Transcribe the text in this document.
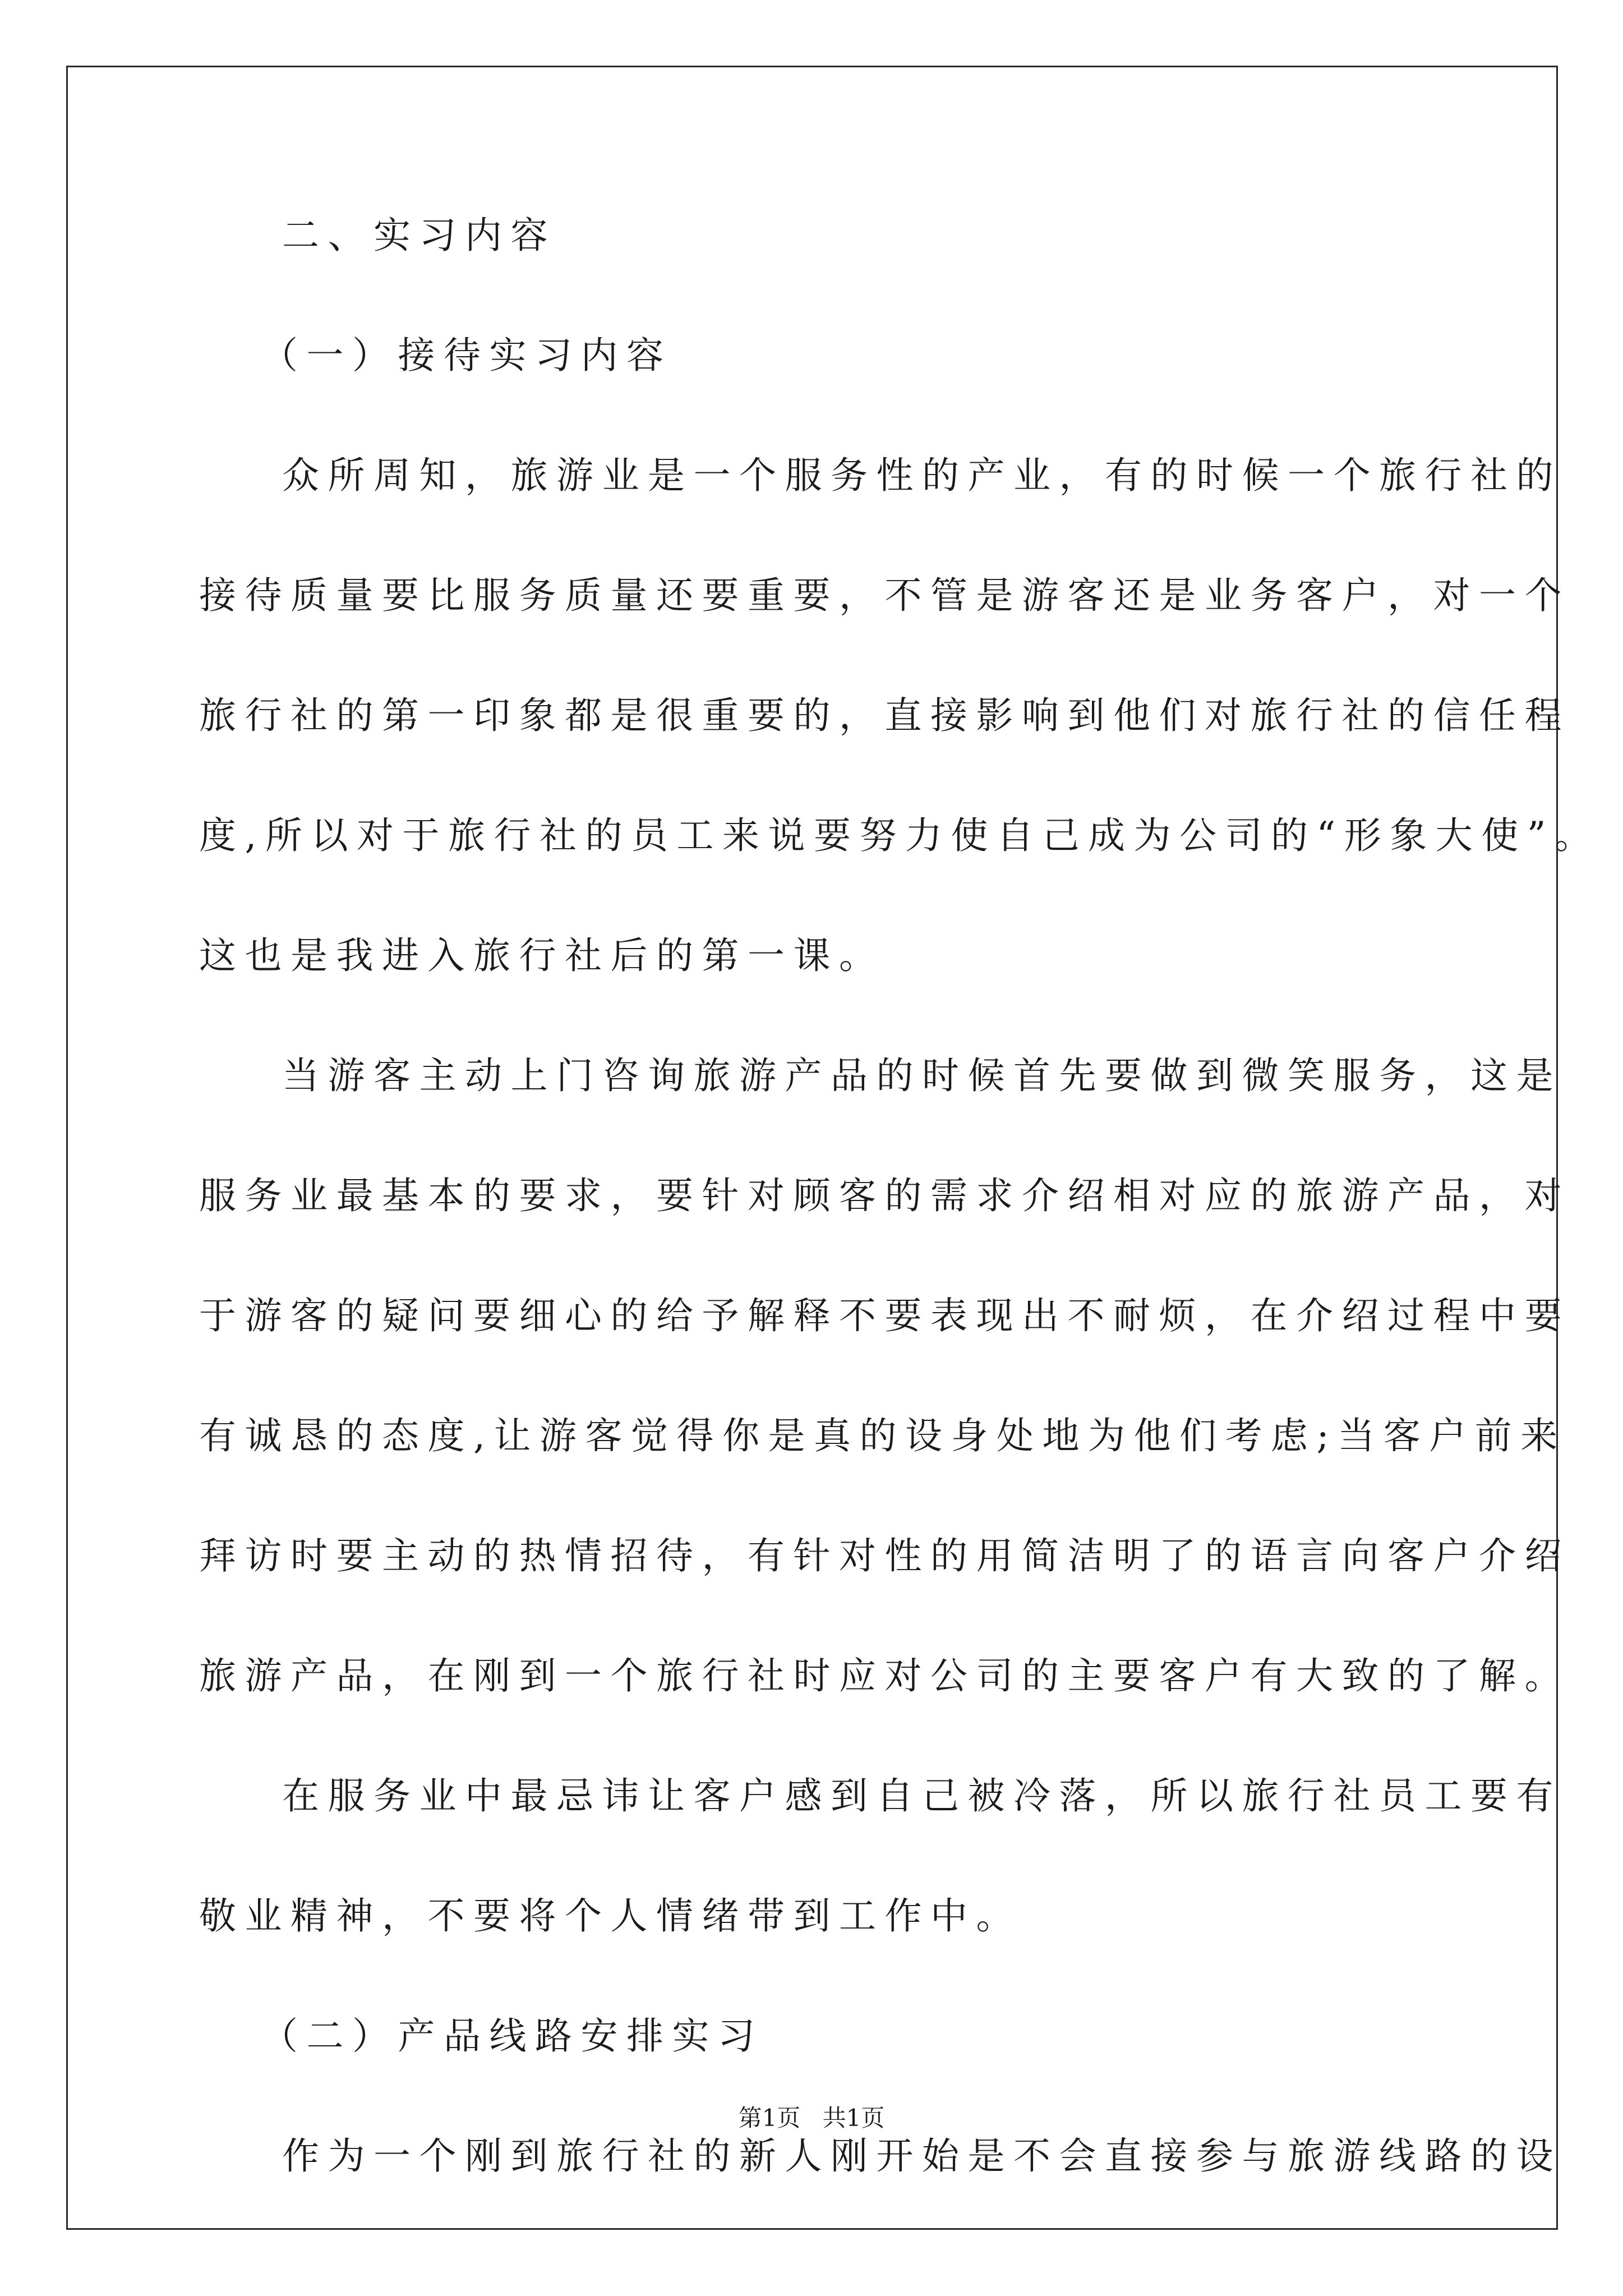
二、实习内容
（一）接待实习内容
众所周知，旅游业是一个服务性的产业，有的时候一个旅行社的
接待质量要比服务质量还要重要，不管是游客还是业务客户，对一个
旅行社的第一印象都是很重要的，直接影响到他们对旅行社的信任程
度,所以对于旅行社的员工来说要努力使自己成为公司的“形象大使”。
这也是我进入旅行社后的第一课。
当游客主动上门咨询旅游产品的时候首先要做到微笑服务，这是
服务业最基本的要求，要针对顾客的需求介绍相对应的旅游产品，对
于游客的疑问要细心的给予解释不要表现出不耐烦，在介绍过程中要
有诚恳的态度,让游客觉得你是真的设身处地为他们考虑;当客户前来
拜访时要主动的热情招待，有针对性的用简洁明了的语言向客户介绍
旅游产品，在刚到一个旅行社时应对公司的主要客户有大致的了解。
在服务业中最忌讳让客户感到自己被冷落，所以旅行社员工要有
敬业精神，不要将个人情绪带到工作中。
（二）产品线路安排实习
作为一个刚到旅行社的新人刚开始是不会直接参与旅游线路的设
第1页 共1页
